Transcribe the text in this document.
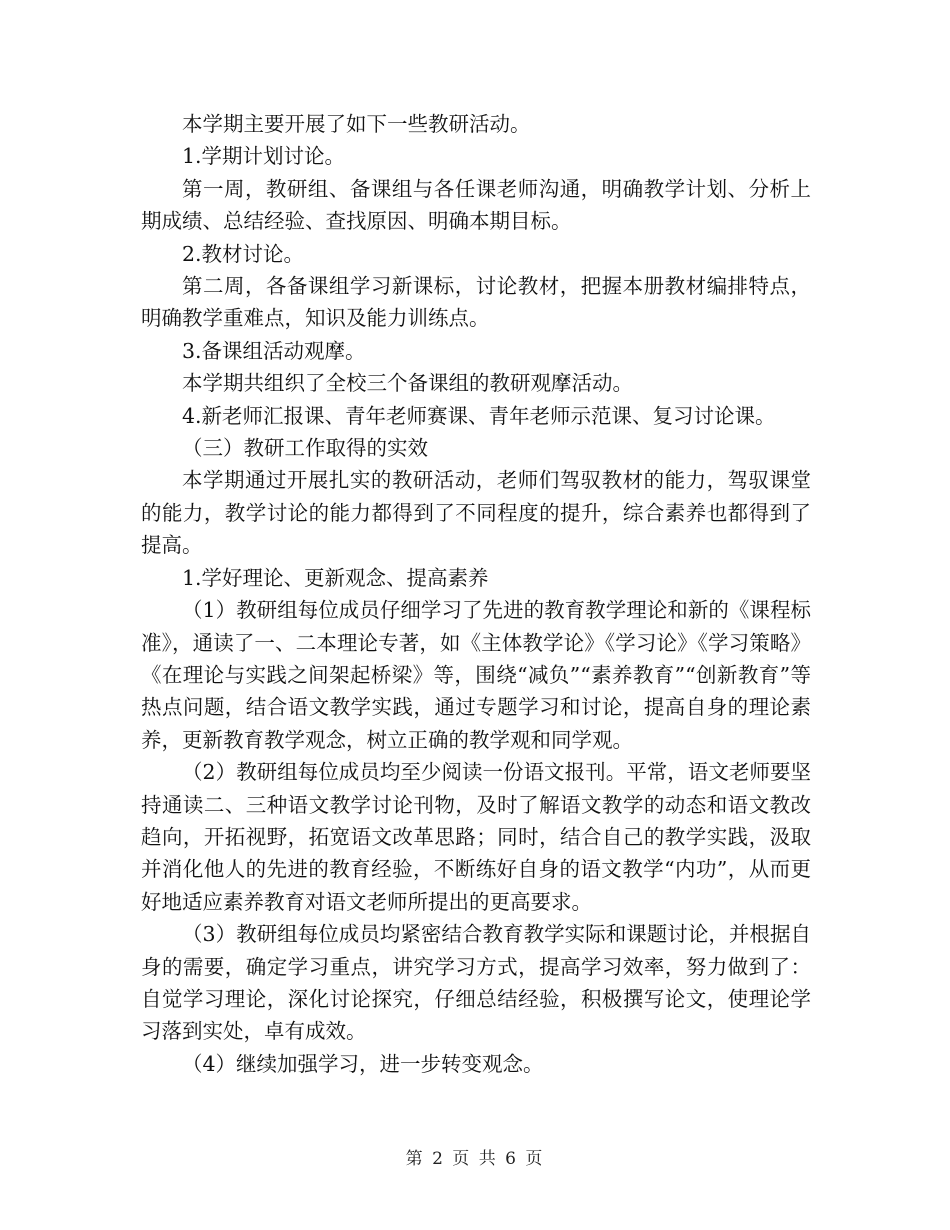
本学期主要开展了如下一些教研活动。

1.学期计划讨论。

第一周，教研组、备课组与各任课老师沟通，明确教学计划、分析上期成绩、总结经验、查找原因、明确本期目标。

2.教材讨论。

第二周，各备课组学习新课标，讨论教材，把握本册教材编排特点，明确教学重难点，知识及能力训练点。

3.备课组活动观摩。

本学期共组织了全校三个备课组的教研观摩活动。

4.新老师汇报课、青年老师赛课、青年老师示范课、复习讨论课。

（三）教研工作取得的实效

本学期通过开展扎实的教研活动，老师们驾驭教材的能力，驾驭课堂的能力，教学讨论的能力都得到了不同程度的提升，综合素养也都得到了提高。

1.学好理论、更新观念、提高素养

（1）教研组每位成员仔细学习了先进的教育教学理论和新的《课程标准》，通读了一、二本理论专著，如《主体教学论》《学习论》《学习策略》《在理论与实践之间架起桥梁》等，围绕“减负”“素养教育”“创新教育”等热点问题，结合语文教学实践，通过专题学习和讨论，提高自身的理论素养，更新教育教学观念，树立正确的教学观和同学观。

（2）教研组每位成员均至少阅读一份语文报刊。平常，语文老师要坚持通读二、三种语文教学讨论刊物，及时了解语文教学的动态和语文教改趋向，开拓视野，拓宽语文改革思路；同时，结合自己的教学实践，汲取并消化他人的先进的教育经验，不断练好自身的语文教学“内功”，从而更好地适应素养教育对语文老师所提出的更高要求。

（3）教研组每位成员均紧密结合教育教学实际和课题讨论，并根据自身的需要，确定学习重点，讲究学习方式，提高学习效率，努力做到了：自觉学习理论，深化讨论探究，仔细总结经验，积极撰写论文，使理论学习落到实处，卓有成效。

（4）继续加强学习，进一步转变观念。

第 2 页 共 6 页
